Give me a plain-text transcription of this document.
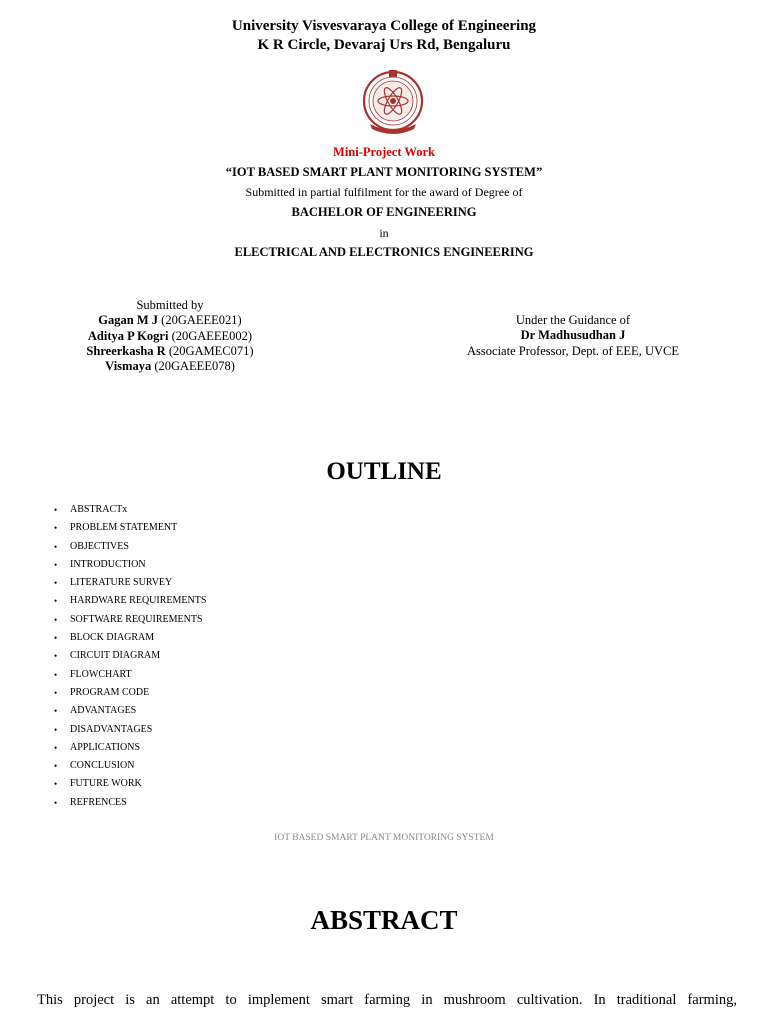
University Visvesvaraya College of Engineering
K R Circle, Devaraj Urs Rd, Bengaluru
Mini-Project Work
“IOT BASED SMART PLANT MONITORING SYSTEM”
Submitted in partial fulfilment for the award of Degree of
BACHELOR OF ENGINEERING
in
ELECTRICAL AND ELECTRONICS ENGINEERING
Submitted by
Gagan M J (20GAEEE021)
Aditya P Kogri (20GAEEE002)
Shreerkasha R (20GAMEC071)
Vismaya (20GAEEE078)
Under the Guidance of
Dr Madhusudhan J
Associate Professor, Dept. of EEE, UVCE
OUTLINE
•	ABSTRACTx
•	PROBLEM STATEMENT
•	OBJECTIVES
•	INTRODUCTION
•	LITERATURE SURVEY
•	HARDWARE REQUIREMENTS
•	SOFTWARE REQUIREMENTS
•	BLOCK DIAGRAM
•	CIRCUIT DIAGRAM
•	FLOWCHART
•	PROGRAM CODE
•	ADVANTAGES
•	DISADVANTAGES
•	APPLICATIONS
•	CONCLUSION
•	FUTURE WORK
•	REFRENCES
IOT BASED SMART PLANT MONITORING SYSTEM
ABSTRACT
This project is an attempt to implement smart farming in mushroom cultivation. In traditional farming,
